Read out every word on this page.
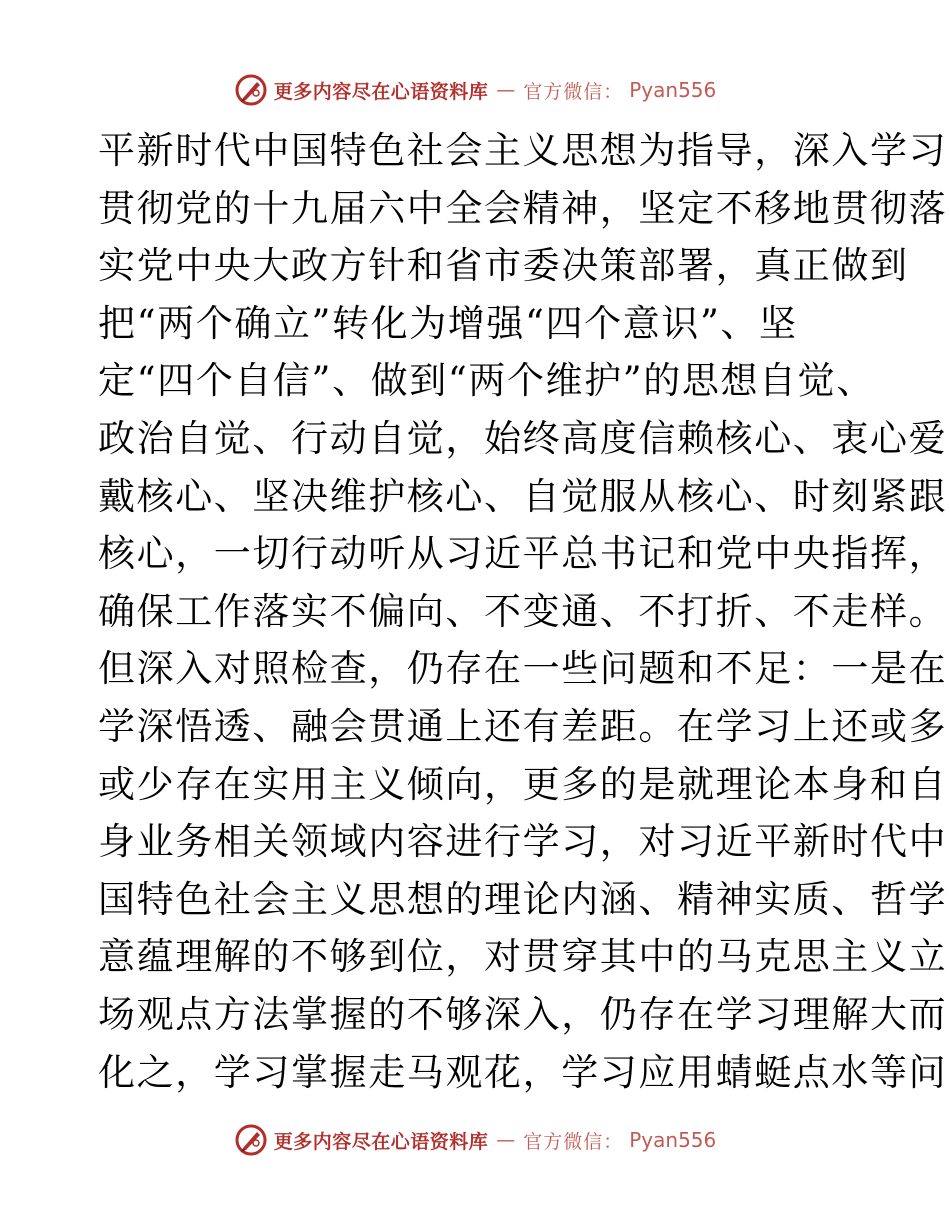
更多内容尽在心语资料库 — 官方微信： Pyan556
平新时代中国特色社会主义思想为指导，深入学习
贯彻党的十九届六中全会精神，坚定不移地贯彻落
实党中央大政方针和省市委决策部署，真正做到
把“两个确立”转化为增强“四个意识”、坚
定“四个自信”、做到“两个维护”的思想自觉、
政治自觉、行动自觉，始终高度信赖核心、衷心爱
戴核心、坚决维护核心、自觉服从核心、时刻紧跟
核心，一切行动听从习近平总书记和党中央指挥，
确保工作落实不偏向、不变通、不打折、不走样。
但深入对照检查，仍存在一些问题和不足：一是在
学深悟透、融会贯通上还有差距。在学习上还或多
或少存在实用主义倾向，更多的是就理论本身和自
身业务相关领域内容进行学习，对习近平新时代中
国特色社会主义思想的理论内涵、精神实质、哲学
意蕴理解的不够到位，对贯穿其中的马克思主义立
场观点方法掌握的不够深入，仍存在学习理解大而
化之，学习掌握走马观花，学习应用蜻蜓点水等问
更多内容尽在心语资料库 — 官方微信： Pyan556
